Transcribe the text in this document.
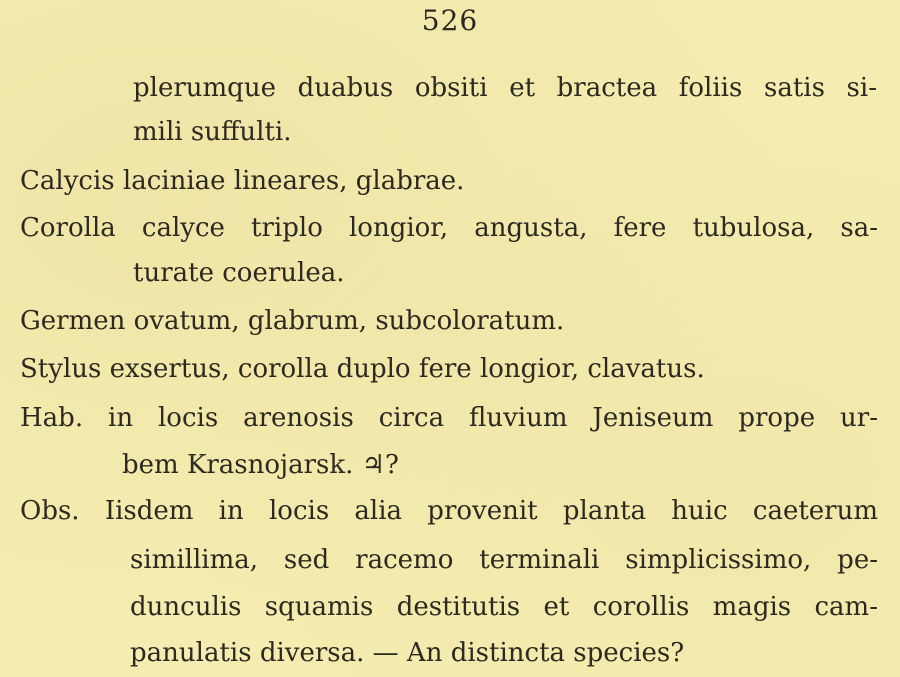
526
plerumque duabus obsiti et bractea foliis satis si-
mili suffulti.
Calycis laciniae lineares, glabrae.
Corolla calyce triplo longior, angusta, fere tubulosa, sa-
turate coerulea.
Germen ovatum, glabrum, subcoloratum.
Stylus exsertus, corolla duplo fere longior, clavatus.
Hab. in locis arenosis circa fluvium Jeniseum prope ur-
bem Krasnojarsk. ♃?
Obs. Iisdem in locis alia provenit planta huic caeterum
simillima, sed racemo terminali simplicissimo, pe-
dunculis squamis destitutis et corollis magis cam-
panulatis diversa. — An distincta species?
